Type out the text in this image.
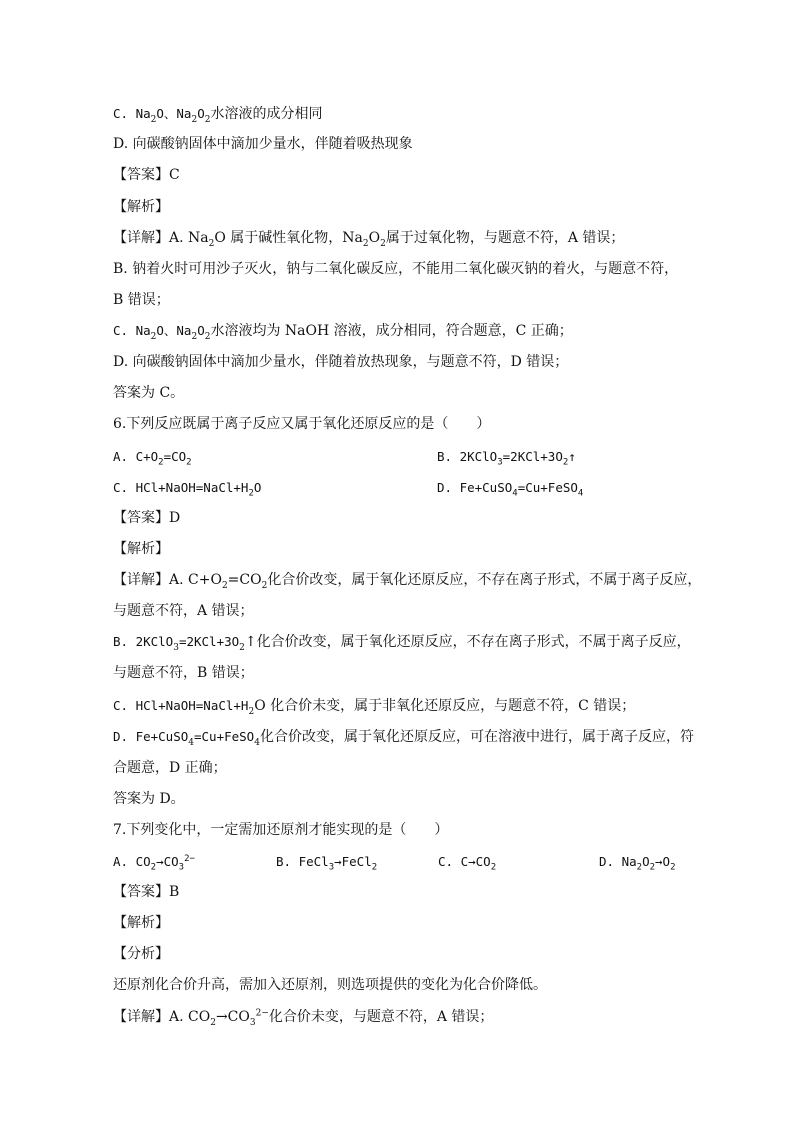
C. $Na_2O$、$Na_2O_2$水溶液的成分相同
D. 向碳酸钠固体中滴加少量水，伴随着吸热现象
【答案】C
【解析】
【详解】A. $Na_2O$ 属于碱性氧化物，$Na_2O_2$属于过氧化物，与题意不符，A 错误；
B. 钠着火时可用沙子灭火，钠与二氧化碳反应，不能用二氧化碳灭钠的着火，与题意不符，
B 错误；
C. $Na_2O$、$Na_2O_2$水溶液均为 NaOH 溶液，成分相同，符合题意，C 正确；
D. 向碳酸钠固体中滴加少量水，伴随着放热现象，与题意不符，D 错误；
答案为 C。
6.下列反应既属于离子反应又属于氧化还原反应的是（　　）
A. $C+O_2=CO_2$	B. $2KClO_3=2KCl+3O_2↑$
C. $HCl+NaOH=NaCl+H_2O$	D. Fe+CuSO$_4$=Cu+FeSO$_4$
【答案】D
【解析】
【详解】A. $C+O_2=CO_2$化合价改变，属于氧化还原反应，不存在离子形式，不属于离子反应，
与题意不符，A 错误；
B. $2KClO_3=2KCl+3O_2↑$化合价改变，属于氧化还原反应，不存在离子形式，不属于离子反应，
与题意不符，B 错误；
C. $HCl+NaOH=NaCl+H_2O$ 化合价未变，属于非氧化还原反应，与题意不符，C 错误；
D. Fe+CuSO$_4$=Cu+FeSO$_4$化合价改变，属于氧化还原反应，可在溶液中进行，属于离子反应，符
合题意，D 正确；
答案为 D。
7.下列变化中，一定需加还原剂才能实现的是（　　）
A. $CO_2\to CO_3^{2-}$	B. FeCl$_3$→FeCl$_2$	C. $C\to CO_2$	D. $Na_2O_2\to O_2$
【答案】B
【解析】
【分析】
还原剂化合价升高，需加入还原剂，则选项提供的变化为化合价降低。
【详解】A. $CO_2\to CO_3^{2-}$化合价未变，与题意不符，A 错误；
